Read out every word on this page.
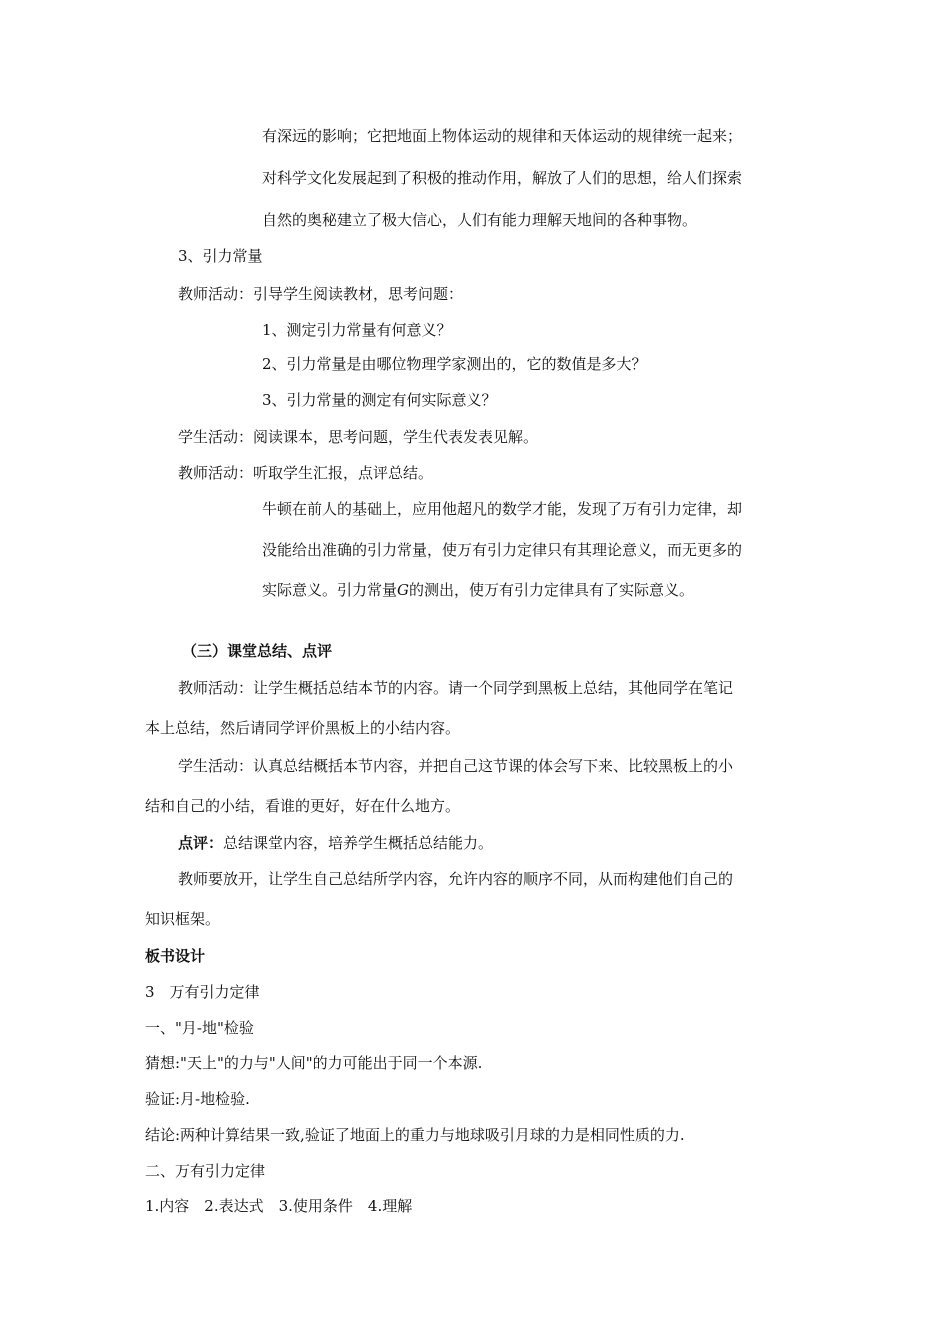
有深远的影响；它把地面上物体运动的规律和天体运动的规律统一起来；
对科学文化发展起到了积极的推动作用，解放了人们的思想，给人们探索
自然的奥秘建立了极大信心，人们有能力理解天地间的各种事物。
3、引力常量
教师活动：引导学生阅读教材，思考问题：
1、测定引力常量有何意义？
2、引力常量是由哪位物理学家测出的，它的数值是多大？
3、引力常量的测定有何实际意义？
学生活动：阅读课本，思考问题，学生代表发表见解。
教师活动：听取学生汇报，点评总结。
牛顿在前人的基础上，应用他超凡的数学才能，发现了万有引力定律，却
没能给出准确的引力常量，使万有引力定律只有其理论意义，而无更多的
实际意义。引力常量G的测出，使万有引力定律具有了实际意义。
（三）课堂总结、点评
教师活动：让学生概括总结本节的内容。请一个同学到黑板上总结，其他同学在笔记
本上总结，然后请同学评价黑板上的小结内容。
学生活动：认真总结概括本节内容，并把自己这节课的体会写下来、比较黑板上的小
结和自己的小结，看谁的更好，好在什么地方。
点评：总结课堂内容，培养学生概括总结能力。
教师要放开，让学生自己总结所学内容，允许内容的顺序不同，从而构建他们自己的
知识框架。
板书设计
3　万有引力定律
一、"月-地"检验
猜想:"天上"的力与"人间"的力可能出于同一个本源.
验证:月-地检验.
结论:两种计算结果一致,验证了地面上的重力与地球吸引月球的力是相同性质的力.
二、万有引力定律
1.内容　2.表达式　3.使用条件　4.理解
